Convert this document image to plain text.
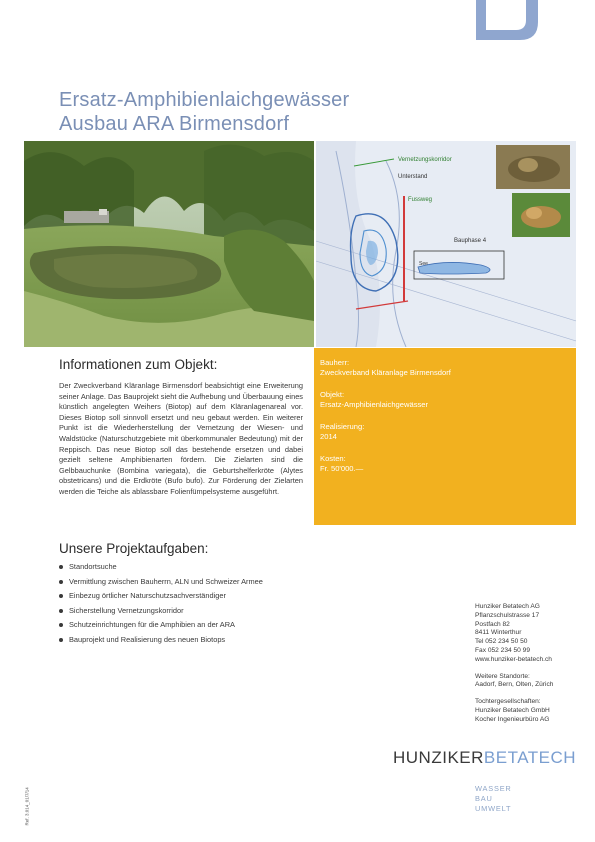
Ersatz-Amphibienlaichgewässer
Ausbau ARA Birmensdorf
Vernetzungskorridor
Unterstand
Fussweg
See
Bauphase 4
Informationen zum Objekt:
Der Zweckverband Kläranlage Birmensdorf beabsichtigt eine Erweiterung seiner Anlage. Das Bauprojekt sieht die Aufhebung und Überbauung eines künstlich angelegten Weihers (Biotop) auf dem Kläranlagenareal vor. Dieses Biotop soll sinnvoll ersetzt und neu gebaut werden. Ein weiterer Punkt ist die Wiederherstellung der Vernetzung der Wiesen- und Waldstücke (Naturschutzgebiete mit überkommunaler Bedeutung) mit der Reppisch. Das neue Biotop soll das bestehende ersetzen und dabei gezielt seltene Amphibienarten fördern. Die Zielarten sind die Gelbbauchunke (Bombina variegata), die Geburtshelferkröte (Alytes obstetricans) und die Erdkröte (Bufo bufo). Zur Förderung der Zielarten werden die Teiche als ablassbare Folienfümpelsysteme ausgeführt.
Bauherr:
Zweckverband Kläranlage Birmensdorf
Objekt:
Ersatz-Amphibienlaichgewässer
Realisierung:
2014
Kosten:
Fr. 50'000.—
Unsere Projektaufgaben:
Standortsuche
Vermittlung zwischen Bauherrn, ALN und Schweizer Armee
Einbezug örtlicher Naturschutzsachverständiger
Sicherstellung Vernetzungskorridor
Schutzeinrichtungen für die Amphibien an der ARA
Bauprojekt und Realisierung des neuen Biotops
Hunziker Betatech AG
Pflanzschulstrasse 17
Postfach 82
8411 Winterthur
Tel 052 234 50 50
Fax 052 234 50 99
www.hunziker-betatech.ch
Weitere Standorte:
Aadorf, Bern, Olten, Zürich
Tochtergesellschaften:
Hunziker Betatech GmbH
Kocher Ingenieurbüro AG
HUNZIKERBETATECH
WASSER
BAU
UMWELT
Ref. 3.014_01/7/14
